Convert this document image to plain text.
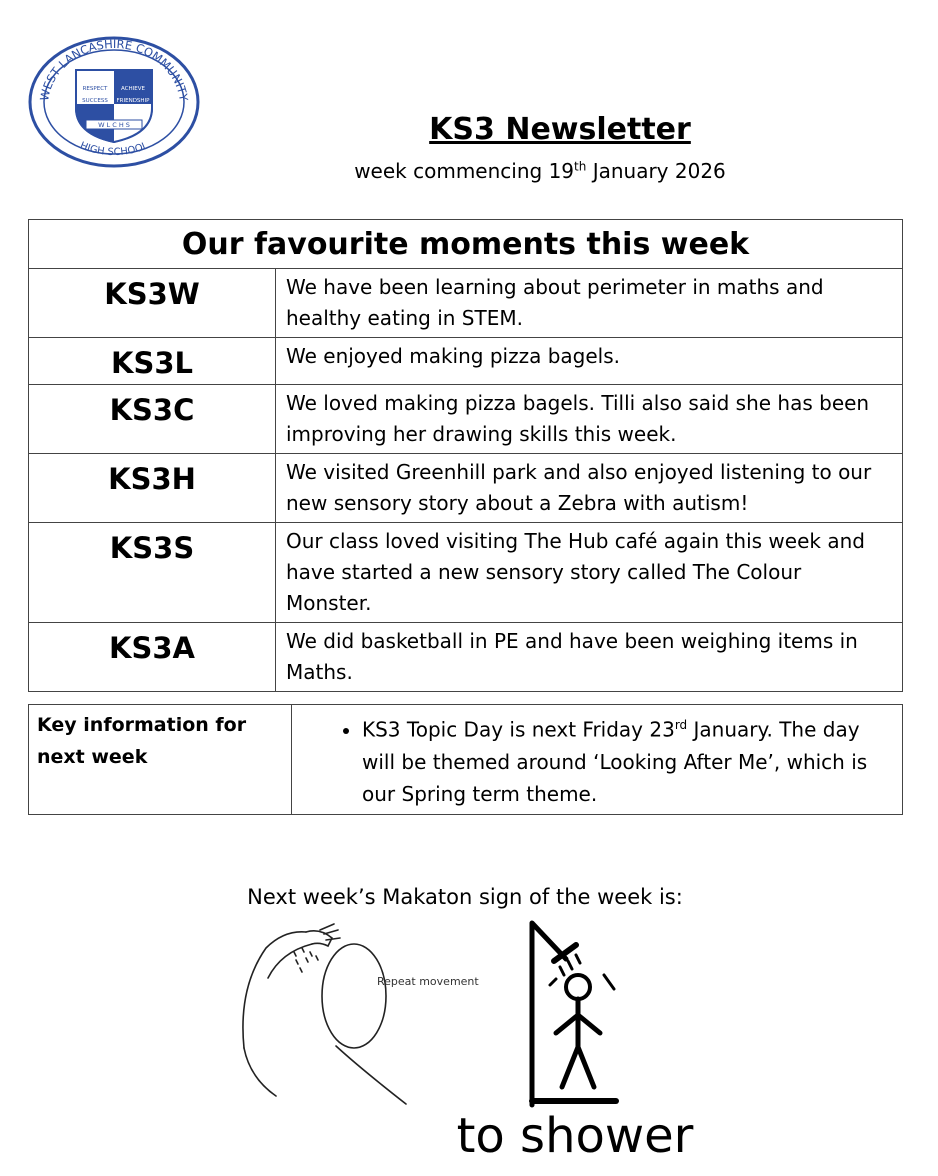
WEST LANCASHIRE COMMUNITY
HIGH SCHOOL
RESPECT ACHIEVE
SUCCESS FRIENDSHIP
W L C H S	KS3 Newsletter
week commencing 19th January 2026
Our favourite moments this week	
KS3W	We have been learning about perimeter in maths and healthy eating in STEM.
KS3L	We enjoyed making pizza bagels.
KS3C	We loved making pizza bagels. Tilli also said she has been improving her drawing skills this week.
KS3H	We visited Greenhill park and also enjoyed listening to our new sensory story about a Zebra with autism!
KS3S	Our class loved visiting The Hub café again this week and have started a new sensory story called The Colour Monster.
KS3A	We did basketball in PE and have been weighing items in Maths.
Key information for next week	
• KS3 Topic Day is next Friday 23rd January. The day will be themed around ‘Looking After Me’, which is our Spring term theme.
Next week’s Makaton sign of the week is:
Repeat movement
to shower
